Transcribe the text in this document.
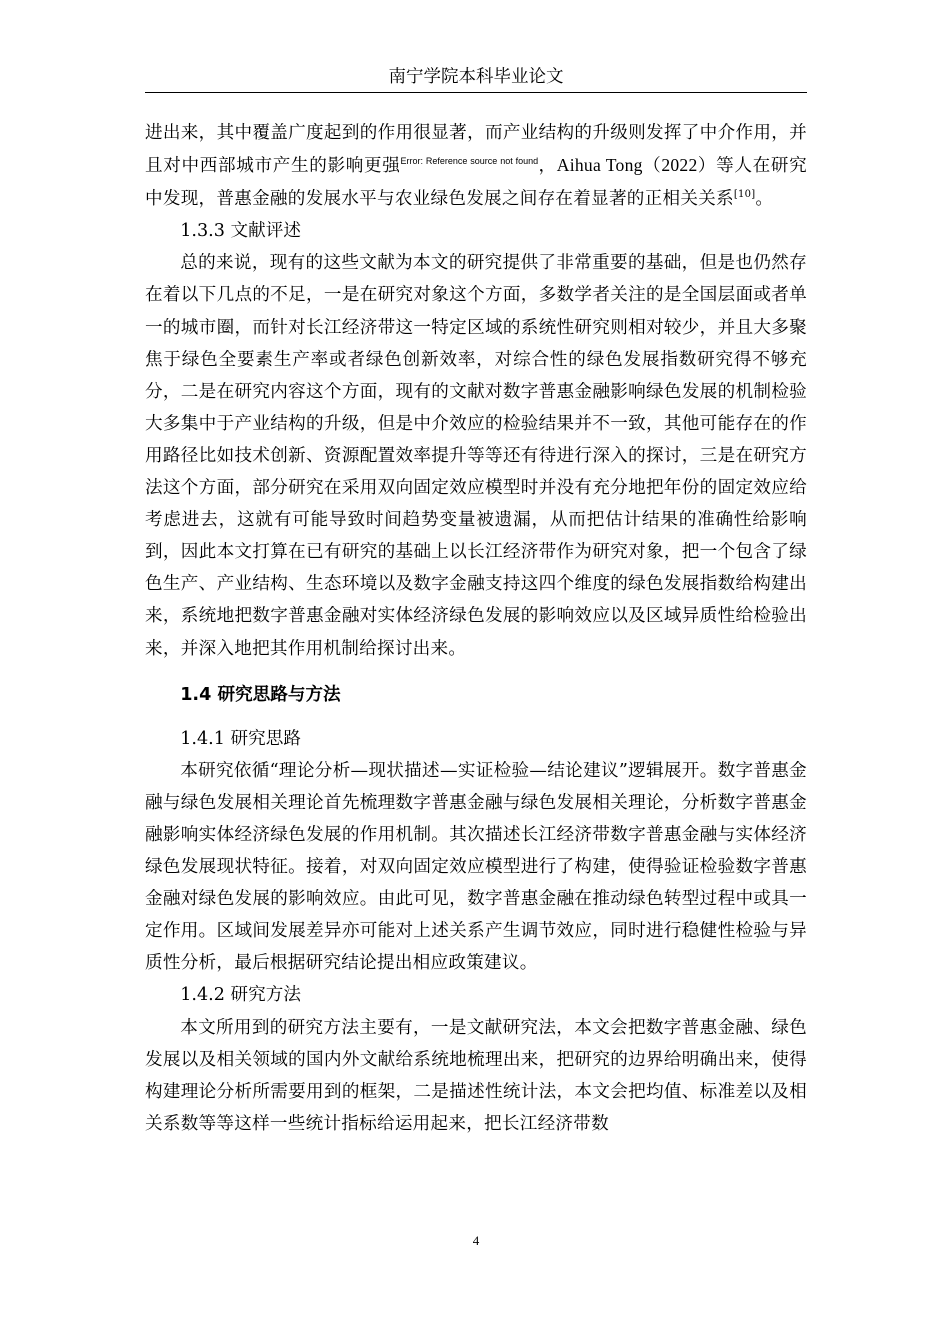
南宁学院本科毕业论文

进出来，其中覆盖广度起到的作用很显著，而产业结构的升级则发挥了中介作用，并且对中西部城市产生的影响更强$^{Error: Reference source not found}$，Aihua Tong（2022）等人在研究中发现，普惠金融的发展水平与农业绿色发展之间存在着显著的正相关关系[10]。

1.3.3 文献评述

总的来说，现有的这些文献为本文的研究提供了非常重要的基础，但是也仍然存在着以下几点的不足，一是在研究对象这个方面，多数学者关注的是全国层面或者单一的城市圈，而针对长江经济带这一特定区域的系统性研究则相对较少，并且大多聚焦于绿色全要素生产率或者绿色创新效率，对综合性的绿色发展指数研究得不够充分，二是在研究内容这个方面，现有的文献对数字普惠金融影响绿色发展的机制检验大多集中于产业结构的升级，但是中介效应的检验结果并不一致，其他可能存在的作用路径比如技术创新、资源配置效率提升等等还有待进行深入的探讨，三是在研究方法这个方面，部分研究在采用双向固定效应模型时并没有充分地把年份的固定效应给考虑进去，这就有可能导致时间趋势变量被遗漏，从而把估计结果的准确性给影响到，因此本文打算在已有研究的基础上以长江经济带作为研究对象，把一个包含了绿色生产、产业结构、生态环境以及数字金融支持这四个维度的绿色发展指数给构建出来，系统地把数字普惠金融对实体经济绿色发展的影响效应以及区域异质性给检验出来，并深入地把其作用机制给探讨出来。

1.4 研究思路与方法

1.4.1 研究思路

本研究依循“理论分析—现状描述—实证检验—结论建议”逻辑展开。数字普惠金融与绿色发展相关理论首先梳理数字普惠金融与绿色发展相关理论，分析数字普惠金融影响实体经济绿色发展的作用机制。其次描述长江经济带数字普惠金融与实体经济绿色发展现状特征。接着，对双向固定效应模型进行了构建，使得验证检验数字普惠金融对绿色发展的影响效应。由此可见，数字普惠金融在推动绿色转型过程中或具一定作用。区域间发展差异亦可能对上述关系产生调节效应，同时进行稳健性检验与异质性分析，最后根据研究结论提出相应政策建议。

1.4.2 研究方法

本文所用到的研究方法主要有，一是文献研究法，本文会把数字普惠金融、绿色发展以及相关领域的国内外文献给系统地梳理出来，把研究的边界给明确出来，使得构建理论分析所需要用到的框架，二是描述性统计法，本文会把均值、标准差以及相关系数等等这样一些统计指标给运用起来，把长江经济带数

4
